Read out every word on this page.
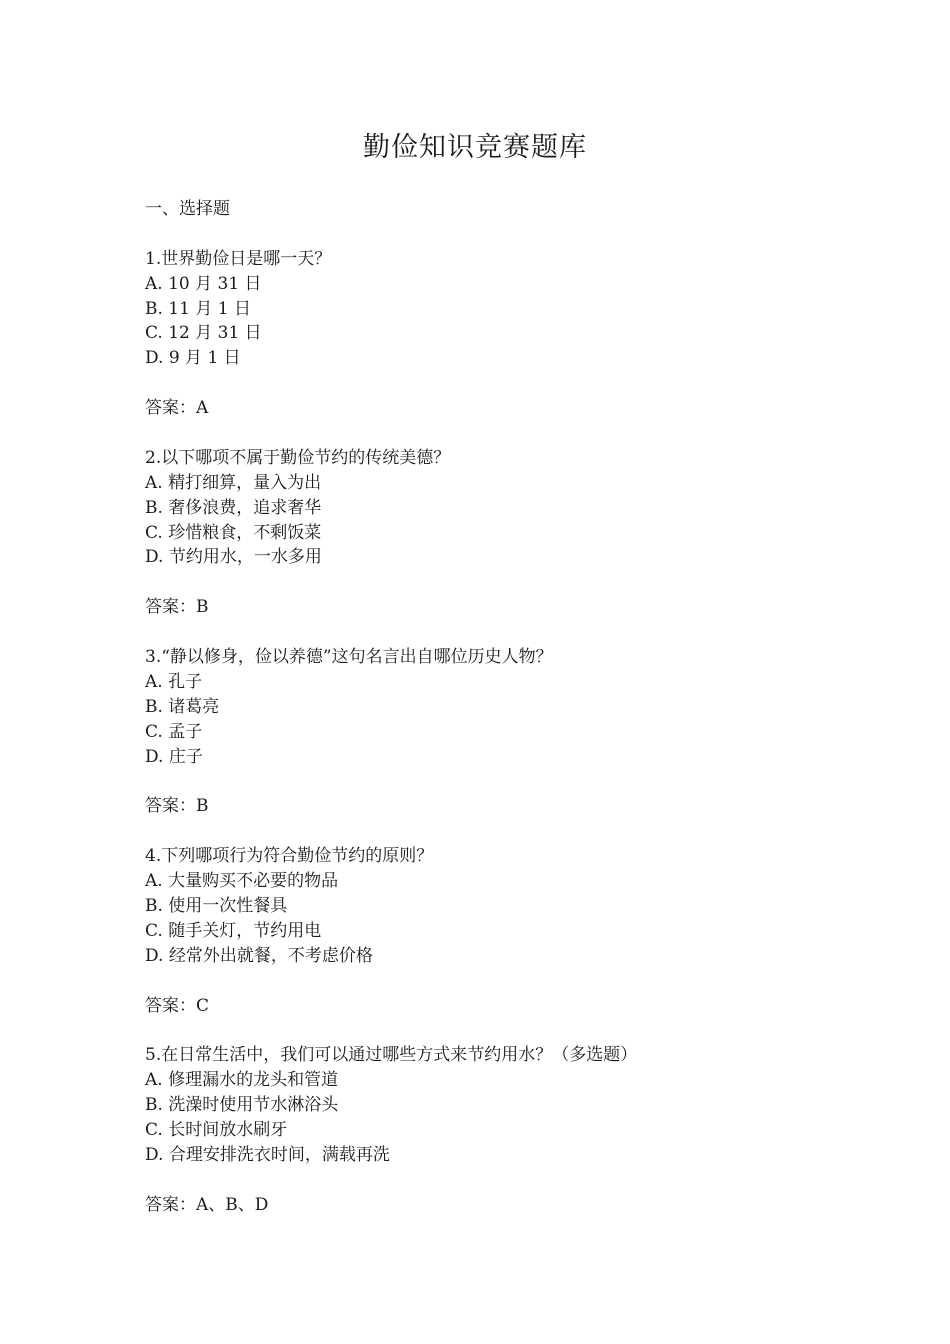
勤俭知识竞赛题库
一、选择题
1.世界勤俭日是哪一天？
A. 10 月 31 日
B. 11 月 1 日
C. 12 月 31 日
D. 9 月 1 日
答案：A
2.以下哪项不属于勤俭节约的传统美德？
A. 精打细算，量入为出
B. 奢侈浪费，追求奢华
C. 珍惜粮食，不剩饭菜
D. 节约用水，一水多用
答案：B
3.“静以修身，俭以养德”这句名言出自哪位历史人物？
A. 孔子
B. 诸葛亮
C. 孟子
D. 庄子
答案：B
4.下列哪项行为符合勤俭节约的原则？
A. 大量购买不必要的物品
B. 使用一次性餐具
C. 随手关灯，节约用电
D. 经常外出就餐，不考虑价格
答案：C
5.在日常生活中，我们可以通过哪些方式来节约用水？（多选题）
A. 修理漏水的龙头和管道
B. 洗澡时使用节水淋浴头
C. 长时间放水刷牙
D. 合理安排洗衣时间，满载再洗
答案：A、B、D
